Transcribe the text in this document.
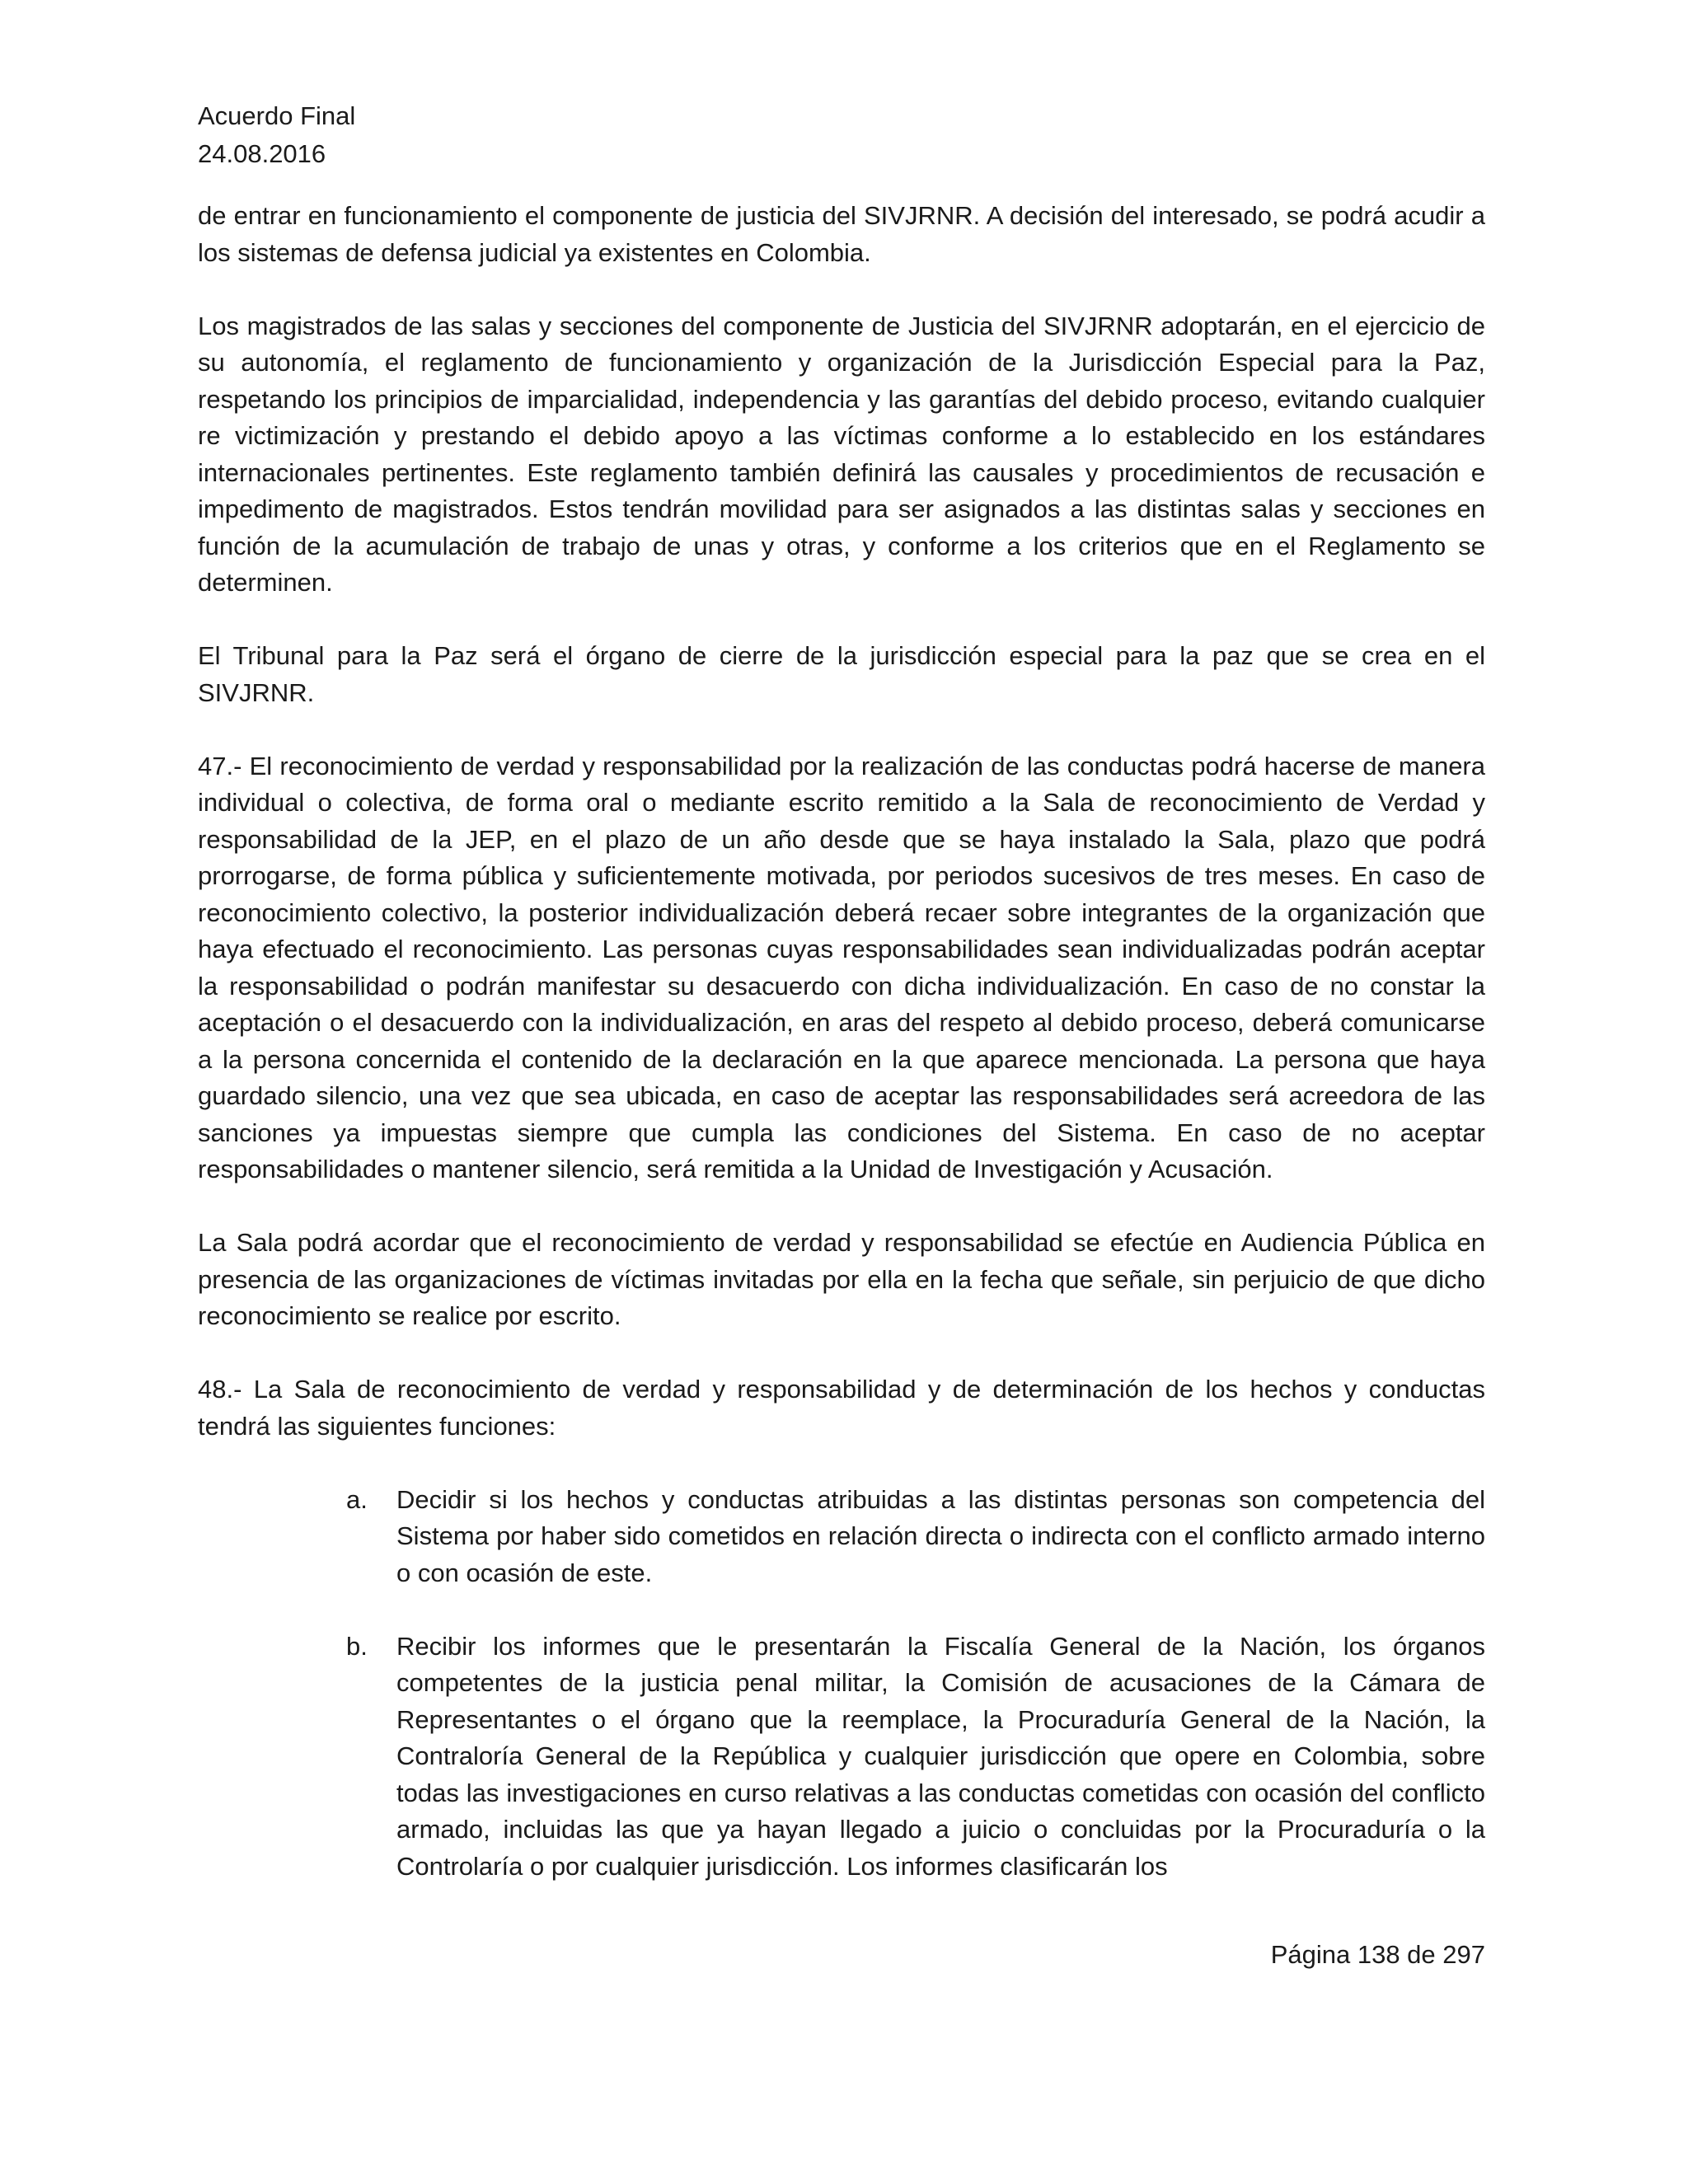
Acuerdo Final
24.08.2016

de entrar en funcionamiento el componente de justicia del SIVJRNR. A decisión del interesado, se podrá acudir a los sistemas de defensa judicial ya existentes en Colombia.

Los magistrados de las salas y secciones del componente de Justicia del SIVJRNR adoptarán, en el ejercicio de su autonomía, el reglamento de funcionamiento y organización de la Jurisdicción Especial para la Paz, respetando los principios de imparcialidad, independencia y las garantías del debido proceso, evitando cualquier re victimización y prestando el debido apoyo a las víctimas conforme a lo establecido en los estándares internacionales pertinentes. Este reglamento también definirá las causales y procedimientos de recusación e impedimento de magistrados. Estos tendrán movilidad para ser asignados a las distintas salas y secciones en función de la acumulación de trabajo de unas y otras, y conforme a los criterios que en el Reglamento se determinen.

El Tribunal para la Paz será el órgano de cierre de la jurisdicción especial para la paz que se crea en el SIVJRNR.

47.- El reconocimiento de verdad y responsabilidad por la realización de las conductas podrá hacerse de manera individual o colectiva, de forma oral o mediante escrito remitido a la Sala de reconocimiento de Verdad y responsabilidad de la JEP, en el plazo de un año desde que se haya instalado la Sala, plazo que podrá prorrogarse, de forma pública y suficientemente motivada, por periodos sucesivos de tres meses. En caso de reconocimiento colectivo, la posterior individualización deberá recaer sobre integrantes de la organización que haya efectuado el reconocimiento. Las personas cuyas responsabilidades sean individualizadas podrán aceptar la responsabilidad o podrán manifestar su desacuerdo con dicha individualización. En caso de no constar la aceptación o el desacuerdo con la individualización, en aras del respeto al debido proceso, deberá comunicarse a la persona concernida el contenido de la declaración en la que aparece mencionada. La persona que haya guardado silencio, una vez que sea ubicada, en caso de aceptar las responsabilidades será acreedora de las sanciones ya impuestas siempre que cumpla las condiciones del Sistema. En caso de no aceptar responsabilidades o mantener silencio, será remitida a la Unidad de Investigación y Acusación.

La Sala podrá acordar que el reconocimiento de verdad y responsabilidad se efectúe en Audiencia Pública en presencia de las organizaciones de víctimas invitadas por ella en la fecha que señale, sin perjuicio de que dicho reconocimiento se realice por escrito.

48.- La Sala de reconocimiento de verdad y responsabilidad y de determinación de los hechos y conductas tendrá las siguientes funciones:

a. Decidir si los hechos y conductas atribuidas a las distintas personas son competencia del Sistema por haber sido cometidos en relación directa o indirecta con el conflicto armado interno o con ocasión de este.
b. Recibir los informes que le presentarán la Fiscalía General de la Nación, los órganos competentes de la justicia penal militar, la Comisión de acusaciones de la Cámara de Representantes o el órgano que la reemplace, la Procuraduría General de la Nación, la Contraloría General de la República y cualquier jurisdicción que opere en Colombia, sobre todas las investigaciones en curso relativas a las conductas cometidas con ocasión del conflicto armado, incluidas las que ya hayan llegado a juicio o concluidas por la Procuraduría o la Controlaría o por cualquier jurisdicción. Los informes clasificarán los
Página 138 de 297
